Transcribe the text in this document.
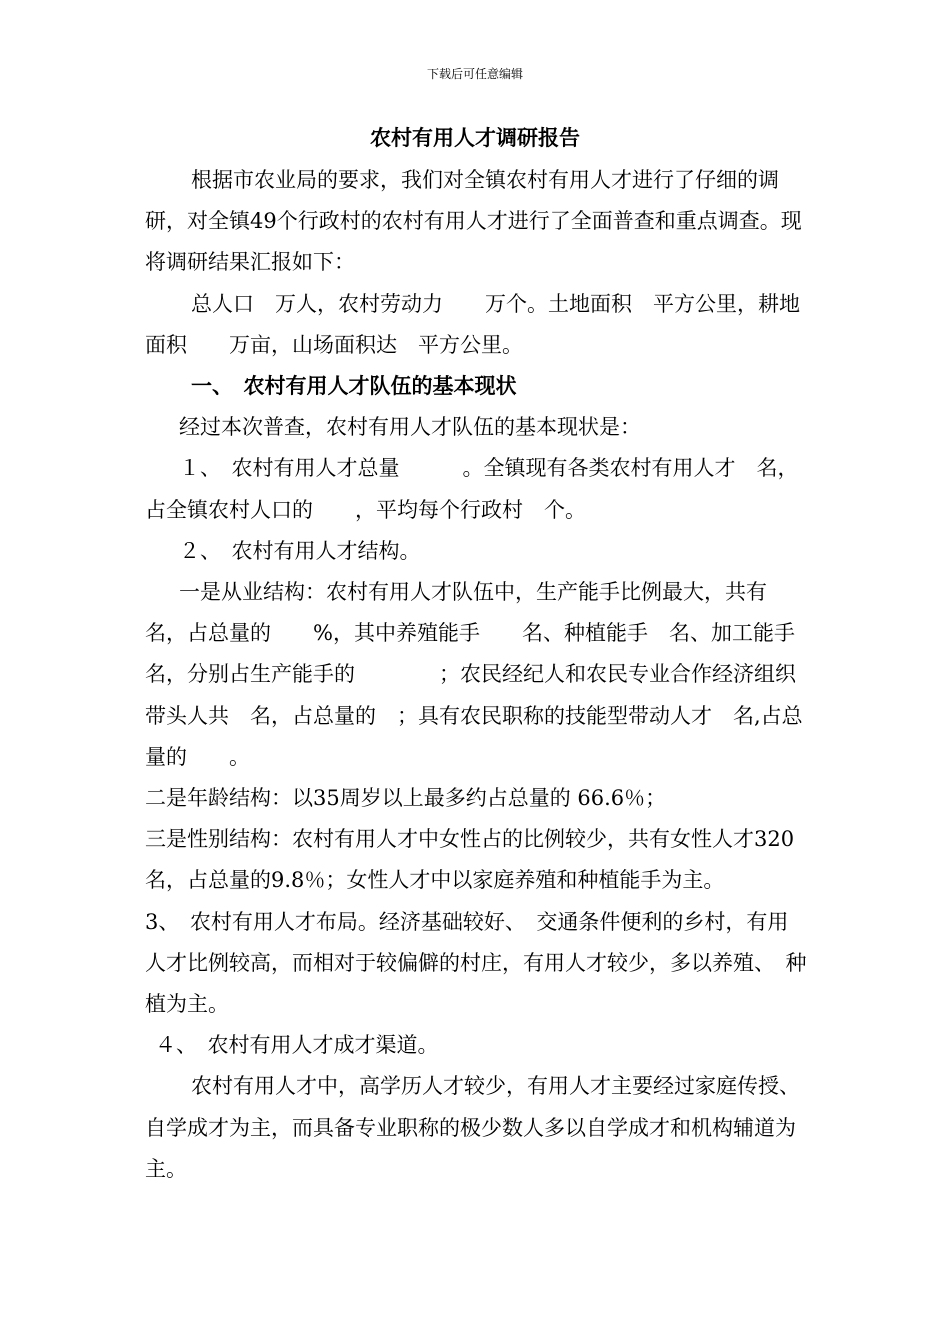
下载后可任意编辑
农村有用人才调研报告

根据市农业局的要求，我们对全镇农村有用人才进行了仔细的调研，对全镇49个行政村的农村有用人才进行了全面普查和重点调查。现将调研结果汇报如下：

总人口　万人，农村劳动力　　万个。土地面积　平方公里，耕地面积　　万亩，山场面积达　平方公里。

一、　农村有用人才队伍的基本现状

经过本次普查，农村有用人才队伍的基本现状是：

１、　农村有用人才总量　　　。全镇现有各类农村有用人才　名，占全镇农村人口的　　，平均每个行政村　个。

２、　农村有用人才结构。

一是从业结构：农村有用人才队伍中，生产能手比例最大，共有　　名，占总量的　　%，其中养殖能手　　名、种植能手　名、加工能手　名，分别占生产能手的　　　　；农民经纪人和农民专业合作经济组织带头人共　名，占总量的　；具有农民职称的技能型带动人才　名,占总量的　　。

二是年龄结构：以35周岁以上最多约占总量的 66.6％；

三是性别结构：农村有用人才中女性占的比例较少，共有女性人才320名，占总量的9.8％；女性人才中以家庭养殖和种植能手为主。

3、　农村有用人才布局。经济基础较好、　交通条件便利的乡村，有用人才比例较高，而相对于较偏僻的村庄，有用人才较少，多以养殖、　种植为主。

４、　农村有用人才成才渠道。

农村有用人才中，高学历人才较少，有用人才主要经过家庭传授、　自学成才为主，而具备专业职称的极少数人多以自学成才和机构辅道为主。
